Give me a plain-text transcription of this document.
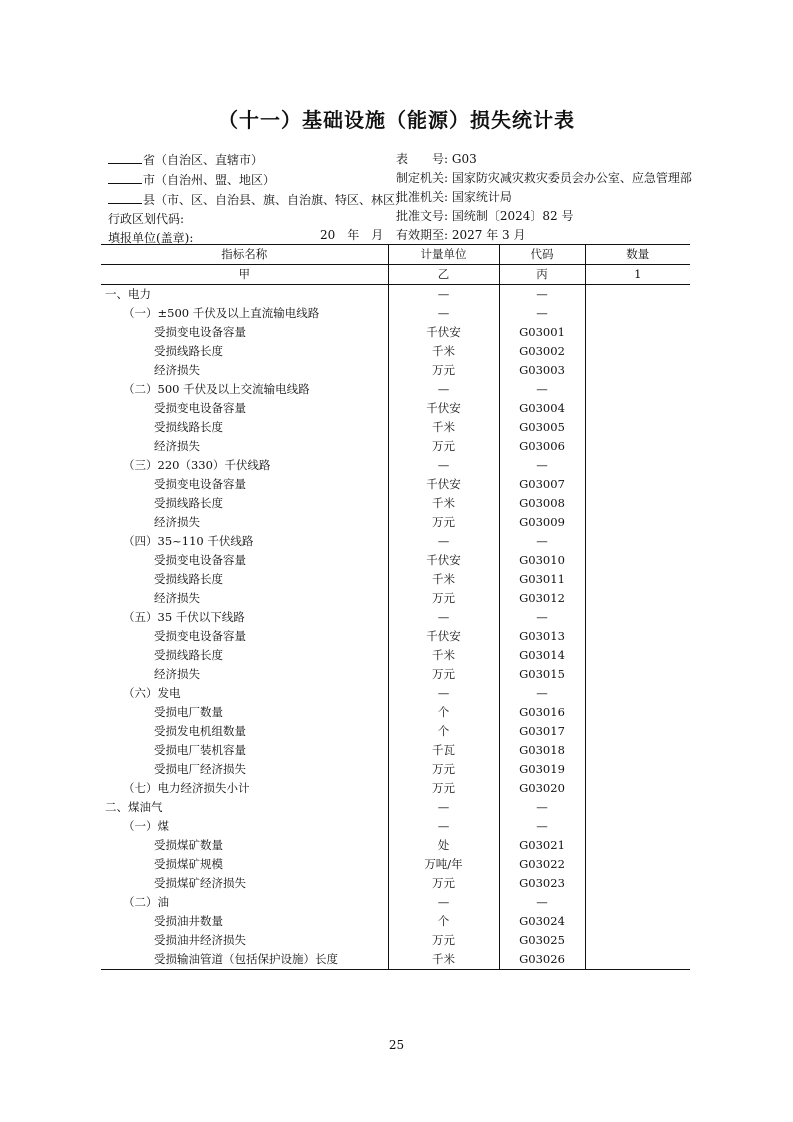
（十一）基础设施（能源）损失统计表
省（自治区、直辖市）
市（自治州、盟、地区）
县（市、区、自治县、旗、自治旗、特区、林区）
行政区划代码:
填报单位(盖章):	20　年　月
表　　号: G03
制定机关: 国家防灾减灾救灾委员会办公室、应急管理部
批准机关: 国家统计局
批准文号: 国统制〔2024〕82 号
有效期至: 2027 年 3 月
指标名称	计量单位	代码	数量
甲	乙	丙	1
一、电力	—	—	
（一）±500 千伏及以上直流输电线路	—	—	
受损变电设备容量	千伏安	G03001	
受损线路长度	千米	G03002	
经济损失	万元	G03003	
（二）500 千伏及以上交流输电线路	—	—	
受损变电设备容量	千伏安	G03004	
受损线路长度	千米	G03005	
经济损失	万元	G03006	
（三）220（330）千伏线路	—	—	
受损变电设备容量	千伏安	G03007	
受损线路长度	千米	G03008	
经济损失	万元	G03009	
（四）35~110 千伏线路	—	—	
受损变电设备容量	千伏安	G03010	
受损线路长度	千米	G03011	
经济损失	万元	G03012	
（五）35 千伏以下线路	—	—	
受损变电设备容量	千伏安	G03013	
受损线路长度	千米	G03014	
经济损失	万元	G03015	
（六）发电	—	—	
受损电厂数量	个	G03016	
受损发电机组数量	个	G03017	
受损电厂装机容量	千瓦	G03018	
受损电厂经济损失	万元	G03019	
（七）电力经济损失小计	万元	G03020	
二、煤油气	—	—	
（一）煤	—	—	
受损煤矿数量	处	G03021	
受损煤矿规模	万吨/年	G03022	
受损煤矿经济损失	万元	G03023	
（二）油	—	—	
受损油井数量	个	G03024	
受损油井经济损失	万元	G03025	
受损输油管道（包括保护设施）长度	千米	G03026	
25
